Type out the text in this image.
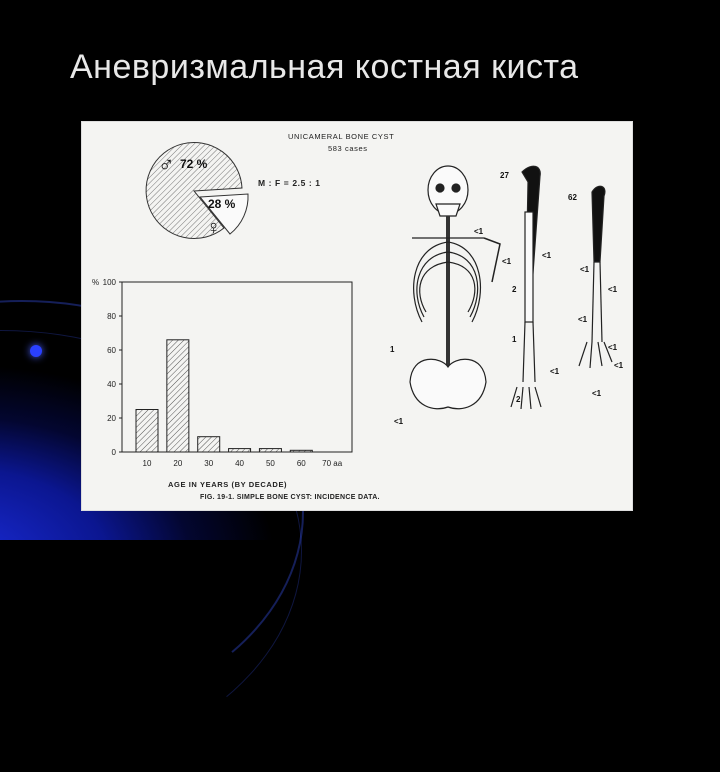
Аневризмальная костная киста
UNICAMERAL BONE CYST
583 cases
M : F = 2.5 : 1
♂ 72 %
28 %
♀
0
20
40
60
80
100
%
10	20	30	40	50	60 70 aa
AGE IN YEARS (BY DECADE)
FIG. 19-1. SIMPLE BONE CYST: INCIDENCE DATA.
<1
<1
1
<1
27
62
<1
<1
2	<1
1
<1
2
<1
<1
<1
<1
